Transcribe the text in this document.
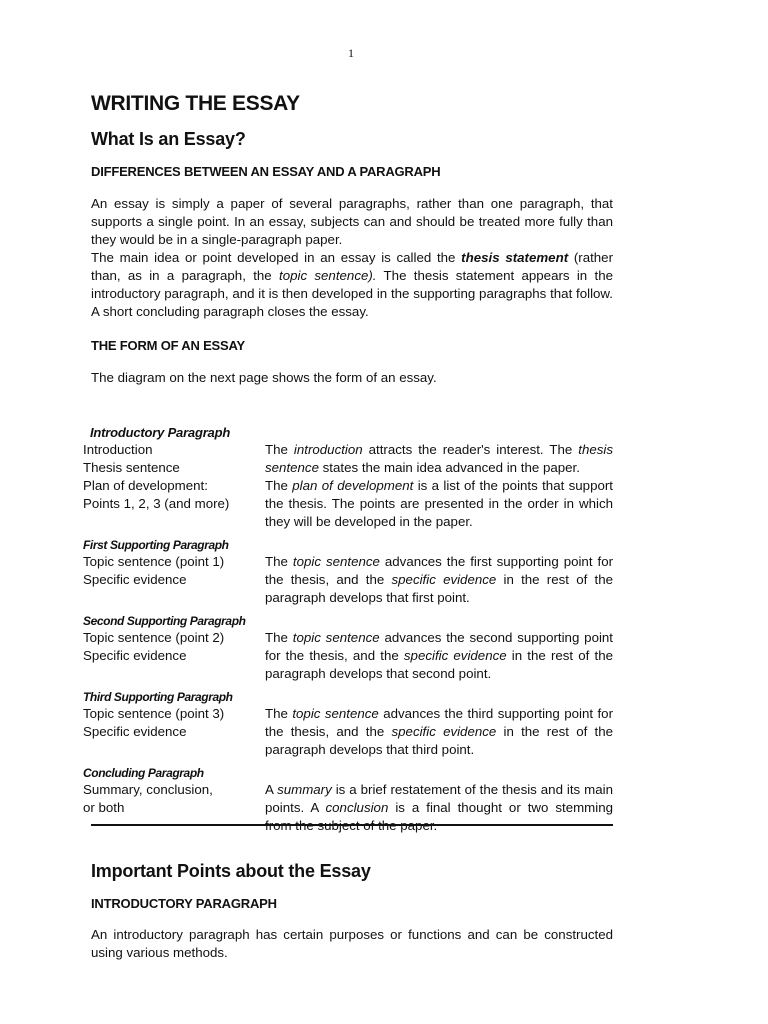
1
WRITING THE ESSAY
What Is an Essay?
DIFFERENCES BETWEEN AN ESSAY AND A PARAGRAPH

An essay is simply a paper of several paragraphs, rather than one paragraph, that supports a single point. In an essay, subjects can and should be treated more fully than they would be in a single-paragraph paper.

The main idea or point developed in an essay is called the thesis statement (rather than, as in a paragraph, the topic sentence). The thesis statement appears in the introductory paragraph, and it is then developed in the supporting paragraphs that follow. A short concluding paragraph closes the essay.

THE FORM OF AN ESSAY

The diagram on the next page shows the form of an essay.

Introductory Paragraph
Introduction
Thesis sentence
Plan of development:
Points 1, 2, 3 (and more)
The introduction attracts the reader's interest. The thesis sentence states the main idea advanced in the paper.
The plan of development is a list of the points that support the thesis. The points are presented in the order in which they will be developed in the paper.
First Supporting Paragraph
Topic sentence (point 1)
Specific evidence
The topic sentence advances the first supporting point for the thesis, and the specific evidence in the rest of the paragraph develops that first point.
Second Supporting Paragraph
Topic sentence (point 2)
Specific evidence
The topic sentence advances the second supporting point for the thesis, and the specific evidence in the rest of the paragraph develops that second point.
Third Supporting Paragraph
Topic sentence (point 3)
Specific evidence
The topic sentence advances the third supporting point for the thesis, and the specific evidence in the rest of the paragraph develops that third point.
Concluding Paragraph
Summary, conclusion,
or both
A summary is a brief restatement of the thesis and its main points. A conclusion is a final thought or two stemming from the subject of the paper.
Important Points about the Essay
INTRODUCTORY PARAGRAPH

An introductory paragraph has certain purposes or functions and can be constructed using various methods.
